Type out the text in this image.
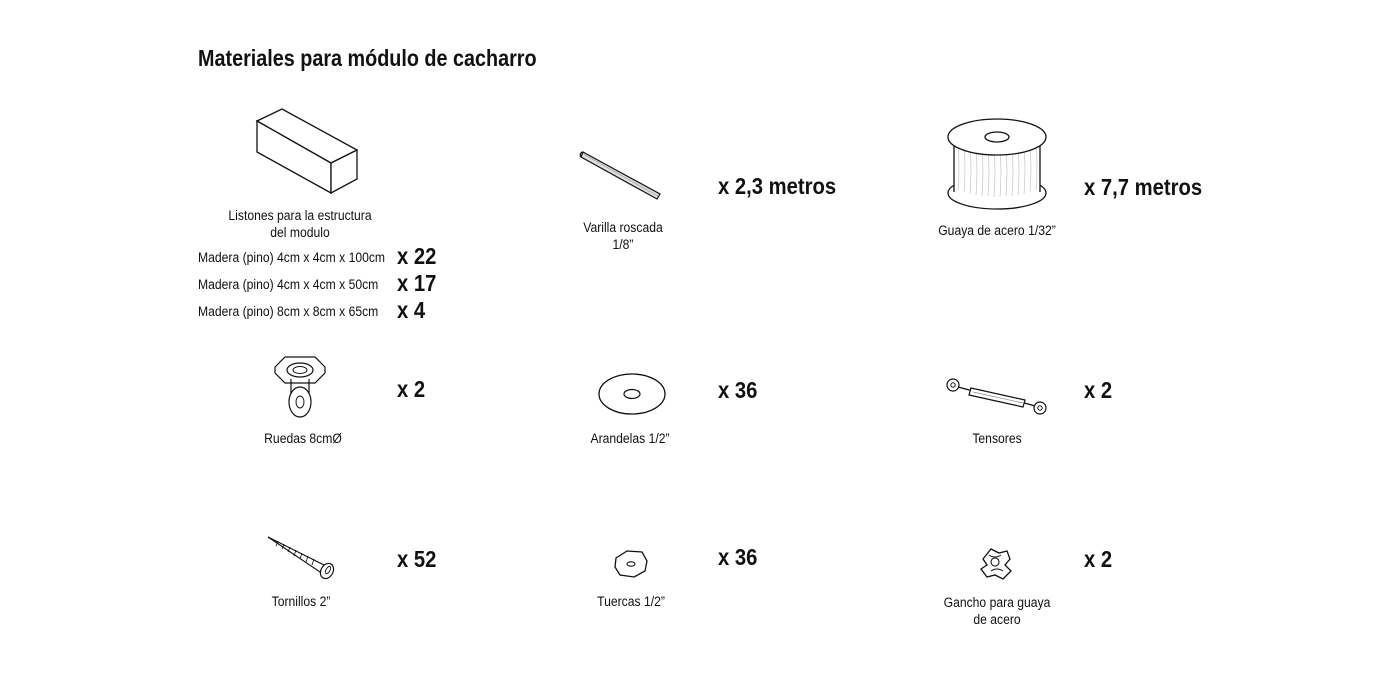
Materiales para módulo de cacharro
Listones para la estructura
del modulo
Madera (pino) 4cm x 4cm x 100cm x 22
Madera (pino) 4cm x 4cm x 50cm x 17
Madera (pino) 8cm x 8cm x 65cm x 4
Varilla roscada
1/8”
x 2,3 metros
Guaya de acero 1/32”
x 7,7 metros
Ruedas 8cmØ
x 2
Arandelas 1/2”
x 36
Tensores
x 2
Tornillos 2”
x 52
Tuercas 1/2”
x 36
Gancho para guaya
de acero
x 2
